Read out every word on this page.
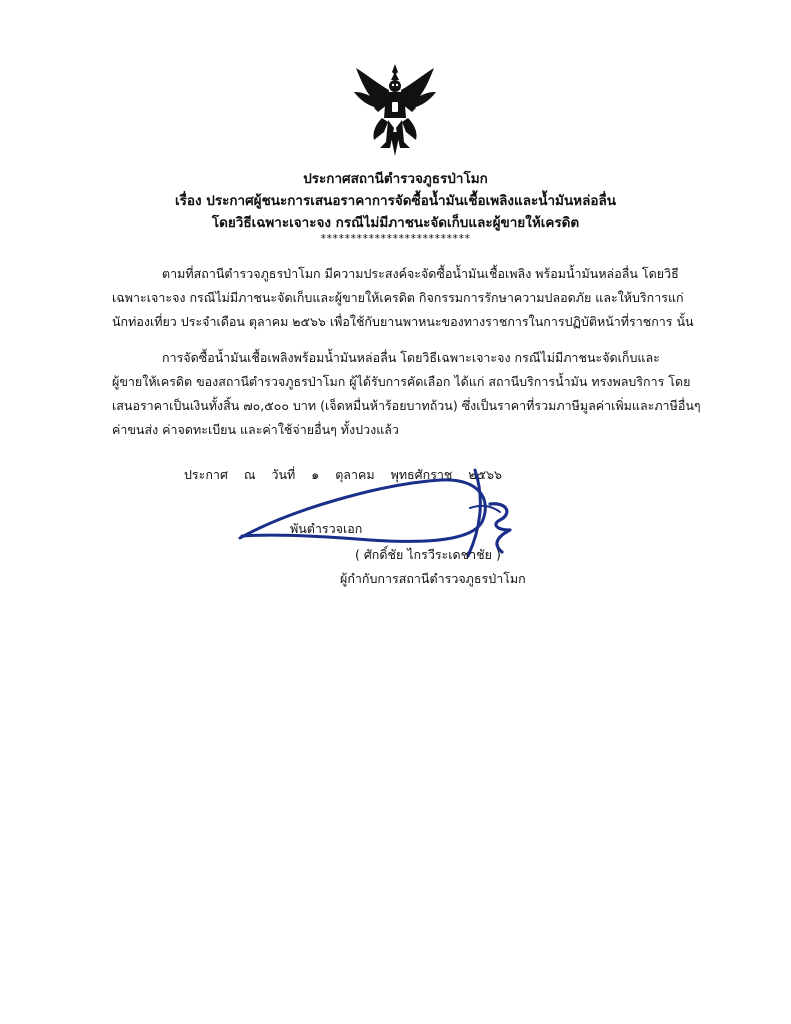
ประกาศสถานีตำรวจภูธรป่าโมก
เรื่อง ประกาศผู้ชนะการเสนอราคาการจัดซื้อน้ำมันเชื้อเพลิงและน้ำมันหล่อลื่น
โดยวิธีเฉพาะเจาะจง กรณีไม่มีภาชนะจัดเก็บและผู้ขายให้เครดิต
*************************
ตามที่สถานีตำรวจภูธรป่าโมก มีความประสงค์จะจัดซื้อน้ำมันเชื้อเพลิง พร้อมน้ำมันหล่อลื่น โดยวิธี
เฉพาะเจาะจง กรณีไม่มีภาชนะจัดเก็บและผู้ขายให้เครดิต กิจกรรมการรักษาความปลอดภัย และให้บริการแก่
นักท่องเที่ยว ประจำเดือน ตุลาคม ๒๕๖๖ เพื่อใช้กับยานพาหนะของทางราชการในการปฏิบัติหน้าที่ราชการ นั้น
การจัดซื้อน้ำมันเชื้อเพลิงพร้อมน้ำมันหล่อลื่น โดยวิธีเฉพาะเจาะจง กรณีไม่มีภาชนะจัดเก็บและ
ผู้ขายให้เครดิต ของสถานีตำรวจภูธรป่าโมก ผู้ได้รับการคัดเลือก ได้แก่ สถานีบริการน้ำมัน ทรงพลบริการ โดย
เสนอราคาเป็นเงินทั้งสิ้น ๗๐,๕๐๐ บาท (เจ็ดหมื่นห้าร้อยบาทถ้วน) ซึ่งเป็นราคาที่รวมภาษีมูลค่าเพิ่มและภาษีอื่นๆ
ค่าขนส่ง ค่าจดทะเบียน และค่าใช้จ่ายอื่นๆ ทั้งปวงแล้ว
ประกาศ ณ วันที่ ๑ ตุลาคม พุทธศักราช ๒๕๖๖
พันตำรวจเอก
( ศักดิ์ชัย ไกรวีระเดชาชัย )
ผู้กำกับการสถานีตำรวจภูธรป่าโมก
